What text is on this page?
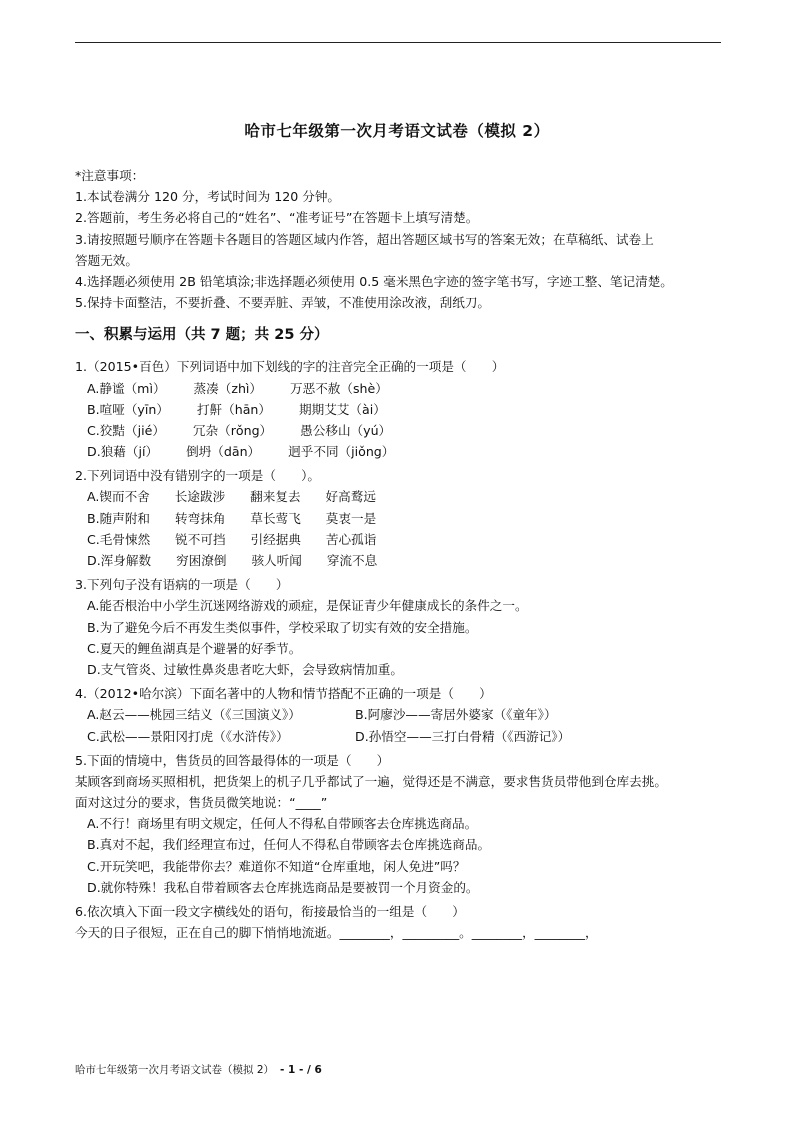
哈市七年级第一次月考语文试卷（模拟 2）
*注意事项：
1.本试卷满分 120 分，考试时间为 120 分钟。
2.答题前，考生务必将自己的“姓名”、“准考证号”在答题卡上填写清楚。
3.请按照题号顺序在答题卡各题目的答题区域内作答，超出答题区域书写的答案无效；在草稿纸、试卷上
答题无效。
4.选择题必须使用 2B 铅笔填涂;非选择题必须使用 0.5 毫米黑色字迹的签字笔书写，字迹工整、笔记清楚。
5.保持卡面整洁，不要折叠、不要弄脏、弄皱，不准使用涂改液，刮纸刀。
一、积累与运用（共 7 题；共 25 分）
1.（2015•百色）下列词语中加下划线的字的注音完全正确的一项是（　　）
A.静谧（mì） 蒸凑（zhì） 万恶不赦（shè）
B.喧哑（yīn） 打鼾（hān） 期期艾艾（ài）
C.狡黠（jié） 冗杂（rǒng） 愚公移山（yú）
D.狼藉（jí） 倒坍（dān） 迥乎不同（jiǒng）
2.下列词语中没有错别字的一项是（　　）。
A.锲而不舍 长途跋涉 翻来复去 好高鹜远
B.随声附和 转弯抹角 草长莺飞 莫衷一是
C.毛骨悚然 锐不可挡 引经据典 苦心孤诣
D.浑身解数 穷困潦倒 骇人听闻 穿流不息
3.下列句子没有语病的一项是（　　）
A.能否根治中小学生沉迷网络游戏的顽症，是保证青少年健康成长的条件之一。
B.为了避免今后不再发生类似事件，学校采取了切实有效的安全措施。
C.夏天的鲤鱼湖真是个避暑的好季节。
D.支气管炎、过敏性鼻炎患者吃大虾，会导致病情加重。
4.（2012•哈尔滨）下面名著中的人物和情节搭配不正确的一项是（　　）
A.赵云——桃园三结义（《三国演义》）	B.阿廖沙——寄居外婆家（《童年》）
C.武松——景阳冈打虎（《水浒传》）	D.孙悟空——三打白骨精（《西游记》）
5.下面的情境中，售货员的回答最得体的一项是（　　）
某顾客到商场买照相机，把货架上的机子几乎都试了一遍，觉得还是不满意，要求售货员带他到仓库去挑。
面对这过分的要求，售货员微笑地说：“____”
A.不行！商场里有明文规定，任何人不得私自带顾客去仓库挑选商品。
B.真对不起，我们经理宣布过，任何人不得私自带顾客去仓库挑选商品。
C.开玩笑吧，我能带你去？难道你不知道“仓库重地，闲人免进”吗？
D.就你特殊！我私自带着顾客去仓库挑选商品是要被罚一个月资金的。
6.依次填入下面一段文字横线处的语句，衔接最恰当的一组是（　　）
今天的日子很短，正在自己的脚下悄悄地流逝。________，_________。________，________，
哈市七年级第一次月考语文试卷（模拟 2） - 1 - / 6
